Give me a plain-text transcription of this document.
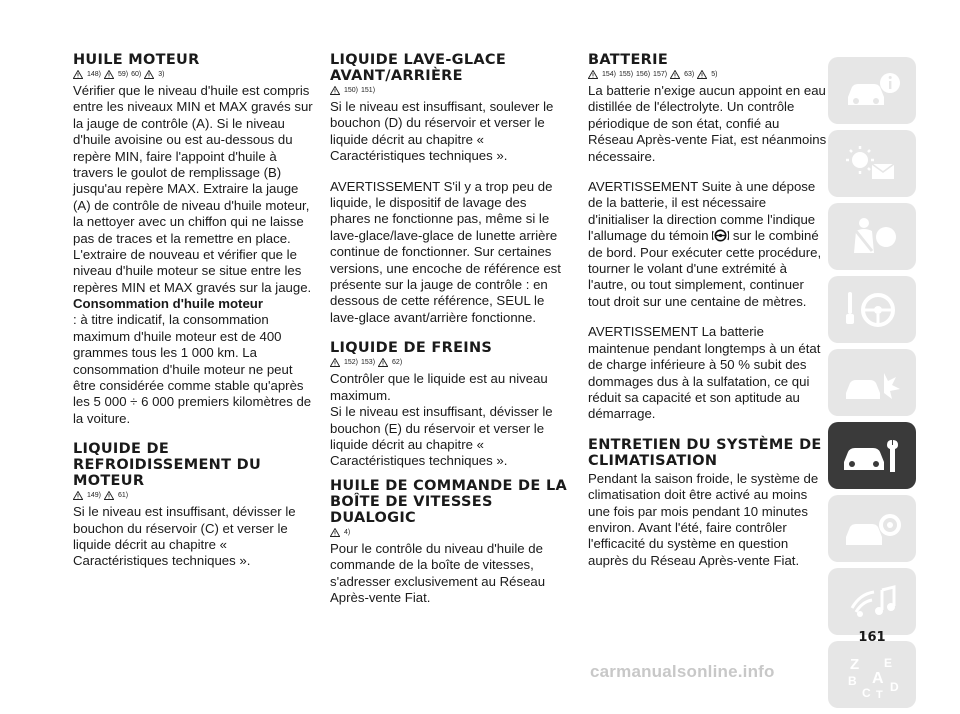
HUILE MOTEUR
148) 59) 60) 3)

Vérifier que le niveau d'huile est compris entre les niveaux MIN et MAX gravés sur la jauge de contrôle (A). Si le niveau d'huile avoisine ou est au-dessous du repère MIN, faire l'appoint d'huile à travers le goulot de remplissage (B) jusqu'au repère MAX. Extraire la jauge (A) de contrôle de niveau d'huile moteur, la nettoyer avec un chiffon qui ne laisse pas de traces et la remettre en place. L'extraire de nouveau et vérifier que le niveau d'huile moteur se situe entre les repères MIN et MAX gravés sur la jauge.

Consommation d'huile moteur

: à titre indicatif, la consommation maximum d'huile moteur est de 400 grammes tous les 1 000 km. La consommation d'huile moteur ne peut être considérée comme stable qu'après les 5 000 ÷ 6 000 premiers kilomètres de la voiture.

LIQUIDE DE REFROIDISSEMENT DU MOTEUR
149) 61)

Si le niveau est insuffisant, dévisser le bouchon du réservoir (C) et verser le liquide décrit au chapitre « Caractéristiques techniques ».

LIQUIDE LAVE-GLACE AVANT/ARRIÈRE
150) 151)

Si le niveau est insuffisant, soulever le bouchon (D) du réservoir et verser le liquide décrit au chapitre « Caractéristiques techniques ».

AVERTISSEMENT S'il y a trop peu de liquide, le dispositif de lavage des phares ne fonctionne pas, même si le lave-glace/lave-glace de lunette arrière continue de fonctionner. Sur certaines versions, une encoche de référence est présente sur la jauge de contrôle : en dessous de cette référence, SEUL le lave-glace avant/arrière fonctionne.

LIQUIDE DE FREINS
152) 153) 62)

Contrôler que le liquide est au niveau maximum.

Si le niveau est insuffisant, dévisser le bouchon (E) du réservoir et verser le liquide décrit au chapitre « Caractéristiques techniques ».

HUILE DE COMMANDE DE LA BOÎTE DE VITESSES DUALOGIC
4)

Pour le contrôle du niveau d'huile de commande de la boîte de vitesses, s'adresser exclusivement au Réseau Après-vente Fiat.

BATTERIE
154) 155) 156) 157) 63) 5)

La batterie n'exige aucun appoint en eau distillée de l'électrolyte. Un contrôle périodique de son état, confié au Réseau Après-vente Fiat, est néanmoins nécessaire.

AVERTISSEMENT Suite à une dépose de la batterie, il est nécessaire d'initialiser la direction comme l'indique l'allumage du témoin sur le combiné de bord. Pour exécuter cette procédure, tourner le volant d'une extrémité à l'autre, ou tout simplement, continuer tout droit sur une centaine de mètres.

AVERTISSEMENT La batterie maintenue pendant longtemps à un état de charge inférieure à 50 % subit des dommages dus à la sulfatation, ce qui réduit sa capacité et son aptitude au démarrage.

ENTRETIEN DU SYSTÈME DE CLIMATISATION

Pendant la saison froide, le système de climatisation doit être activé au moins une fois par mois pendant 10 minutes environ. Avant l'été, faire contrôler l'efficacité du système en question auprès du Réseau Après-vente Fiat.

Z E
B A
C D
T
161
carmanualsonline.info
